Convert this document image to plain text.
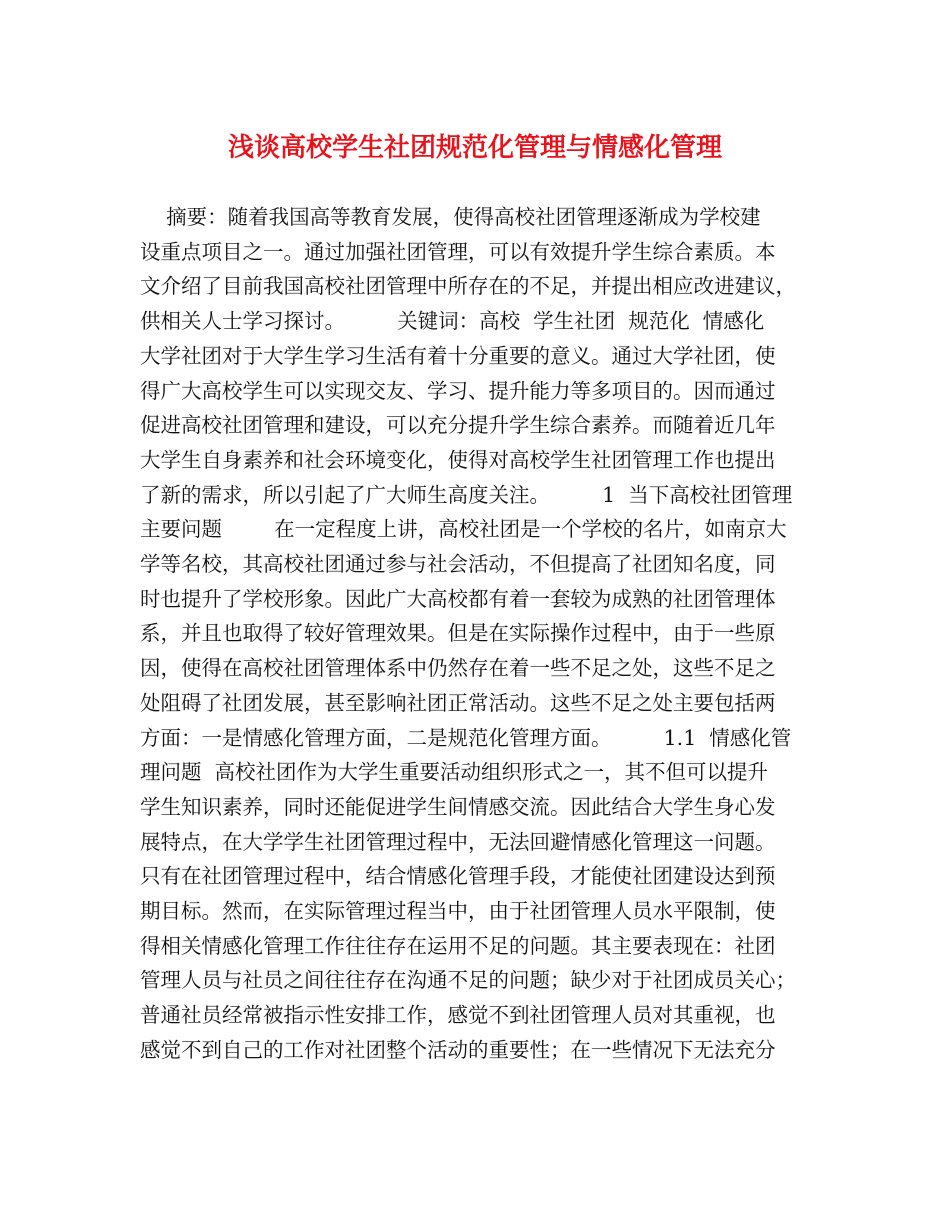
浅谈高校学生社团规范化管理与情感化管理
摘要：随着我国高等教育发展，使得高校社团管理逐渐成为学校建
设重点项目之一。通过加强社团管理，可以有效提升学生综合素质。本
文介绍了目前我国高校社团管理中所存在的不足，并提出相应改进建议，
供相关人士学习探讨。        关键词：高校  学生社团  规范化  情感化
大学社团对于大学生学习生活有着十分重要的意义。通过大学社团，使
得广大高校学生可以实现交友、学习、提升能力等多项目的。因而通过
促进高校社团管理和建设，可以充分提升学生综合素养。而随着近几年
大学生自身素养和社会环境变化，使得对高校学生社团管理工作也提出
了新的需求，所以引起了广大师生高度关注。        1  当下高校社团管理
主要问题        在一定程度上讲，高校社团是一个学校的名片，如南京大
学等名校，其高校社团通过参与社会活动，不但提高了社团知名度，同
时也提升了学校形象。因此广大高校都有着一套较为成熟的社团管理体
系，并且也取得了较好管理效果。但是在实际操作过程中，由于一些原
因，使得在高校社团管理体系中仍然存在着一些不足之处，这些不足之
处阻碍了社团发展，甚至影响社团正常活动。这些不足之处主要包括两
方面：一是情感化管理方面，二是规范化管理方面。        1.1  情感化管
理问题  高校社团作为大学生重要活动组织形式之一，其不但可以提升
学生知识素养，同时还能促进学生间情感交流。因此结合大学生身心发
展特点，在大学学生社团管理过程中，无法回避情感化管理这一问题。
只有在社团管理过程中，结合情感化管理手段，才能使社团建设达到预
期目标。然而，在实际管理过程当中，由于社团管理人员水平限制，使
得相关情感化管理工作往往存在运用不足的问题。其主要表现在：社团
管理人员与社员之间往往存在沟通不足的问题；缺少对于社团成员关心；
普通社员经常被指示性安排工作，感觉不到社团管理人员对其重视，也
感觉不到自己的工作对社团整个活动的重要性；在一些情况下无法充分
